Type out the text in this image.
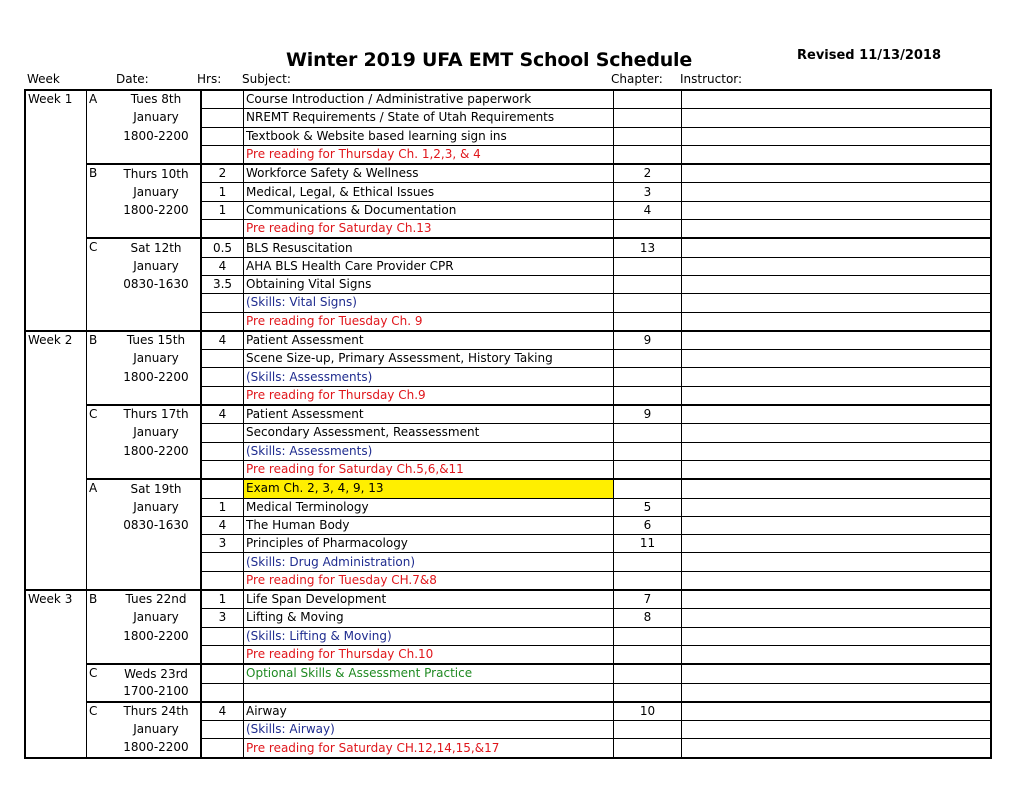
Winter 2019 UFA EMT School Schedule	Revised 11/13/2018
Week	Date:	Hrs: Subject:	Chapter: Instructor:
Week 1	A	Tues 8th		Course Introduction / Administrative paperwork		
		January		NREMT Requirements / State of Utah Requirements		
		1800-2200		Textbook & Website based learning sign ins		
				Pre reading for Thursday Ch. 1,2,3, & 4		
	B	Thurs 10th	2	Workforce Safety & Wellness	2	
		January	1	Medical, Legal, & Ethical Issues	3	
		1800-2200	1	Communications & Documentation	4	
				Pre reading for Saturday Ch.13		
	C	Sat 12th	0.5	BLS Resuscitation	13	
		January	4	AHA BLS Health Care Provider CPR		
		0830-1630	3.5	Obtaining Vital Signs		
				(Skills: Vital Signs)		
				Pre reading for Tuesday Ch. 9		
Week 2	B	Tues 15th	4	Patient Assessment	9	
		January		Scene Size-up, Primary Assessment, History Taking		
		1800-2200		(Skills: Assessments)		
				Pre reading for Thursday Ch.9		
	C	Thurs 17th	4	Patient Assessment	9	
		January		Secondary Assessment, Reassessment		
		1800-2200		(Skills: Assessments)		
				Pre reading for Saturday Ch.5,6,&11		
	A	Sat 19th		Exam Ch. 2, 3, 4, 9, 13		
		January	1	Medical Terminology	5	
		0830-1630	4	The Human Body	6	
			3	Principles of Pharmacology	11	
				(Skills: Drug Administration)		
				Pre reading for Tuesday CH.7&8		
Week 3	B	Tues 22nd	1	Life Span Development	7	
		January	3	Lifting & Moving	8	
		1800-2200		(Skills: Lifting & Moving)		
				Pre reading for Thursday Ch.10		
	C	Weds 23rd		Optional Skills & Assessment Practice		
		1700-2100				
	C	Thurs 24th	4	Airway	10	
		January		(Skills: Airway)		
		1800-2200		Pre reading for Saturday CH.12,14,15,&17		
